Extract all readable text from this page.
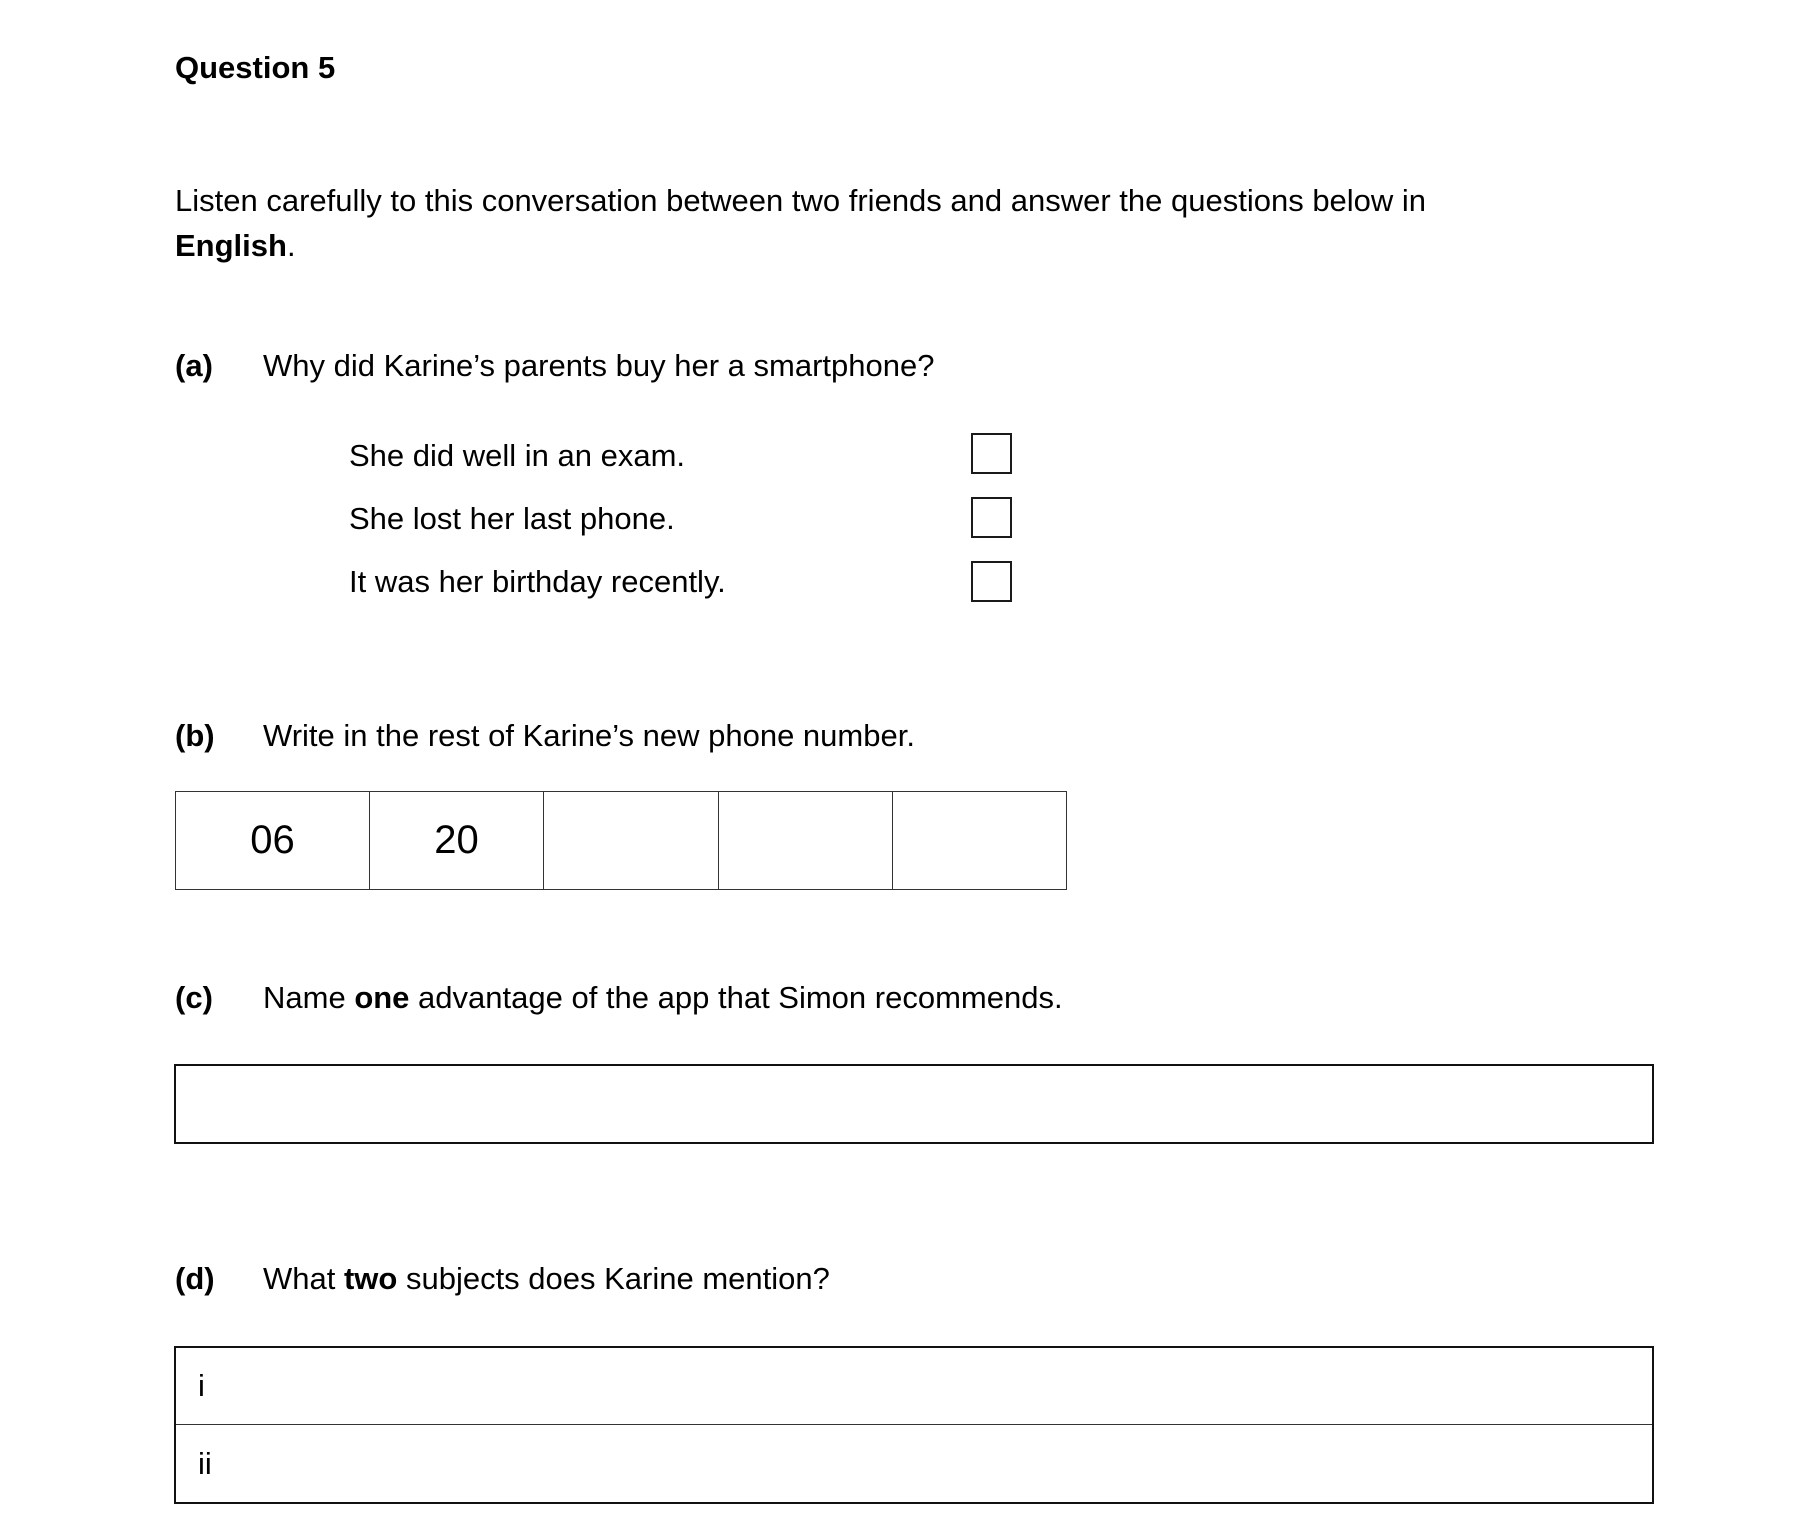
Question 5
Listen carefully to this conversation between two friends and answer the questions below in
English.
(a) Why did Karine’s parents buy her a smartphone?
She did well in an exam.
She lost her last phone.
It was her birthday recently.
(b) Write in the rest of Karine’s new phone number.
06	20
(c) Name one advantage of the app that Simon recommends.
(d) What two subjects does Karine mention?
i
ii
